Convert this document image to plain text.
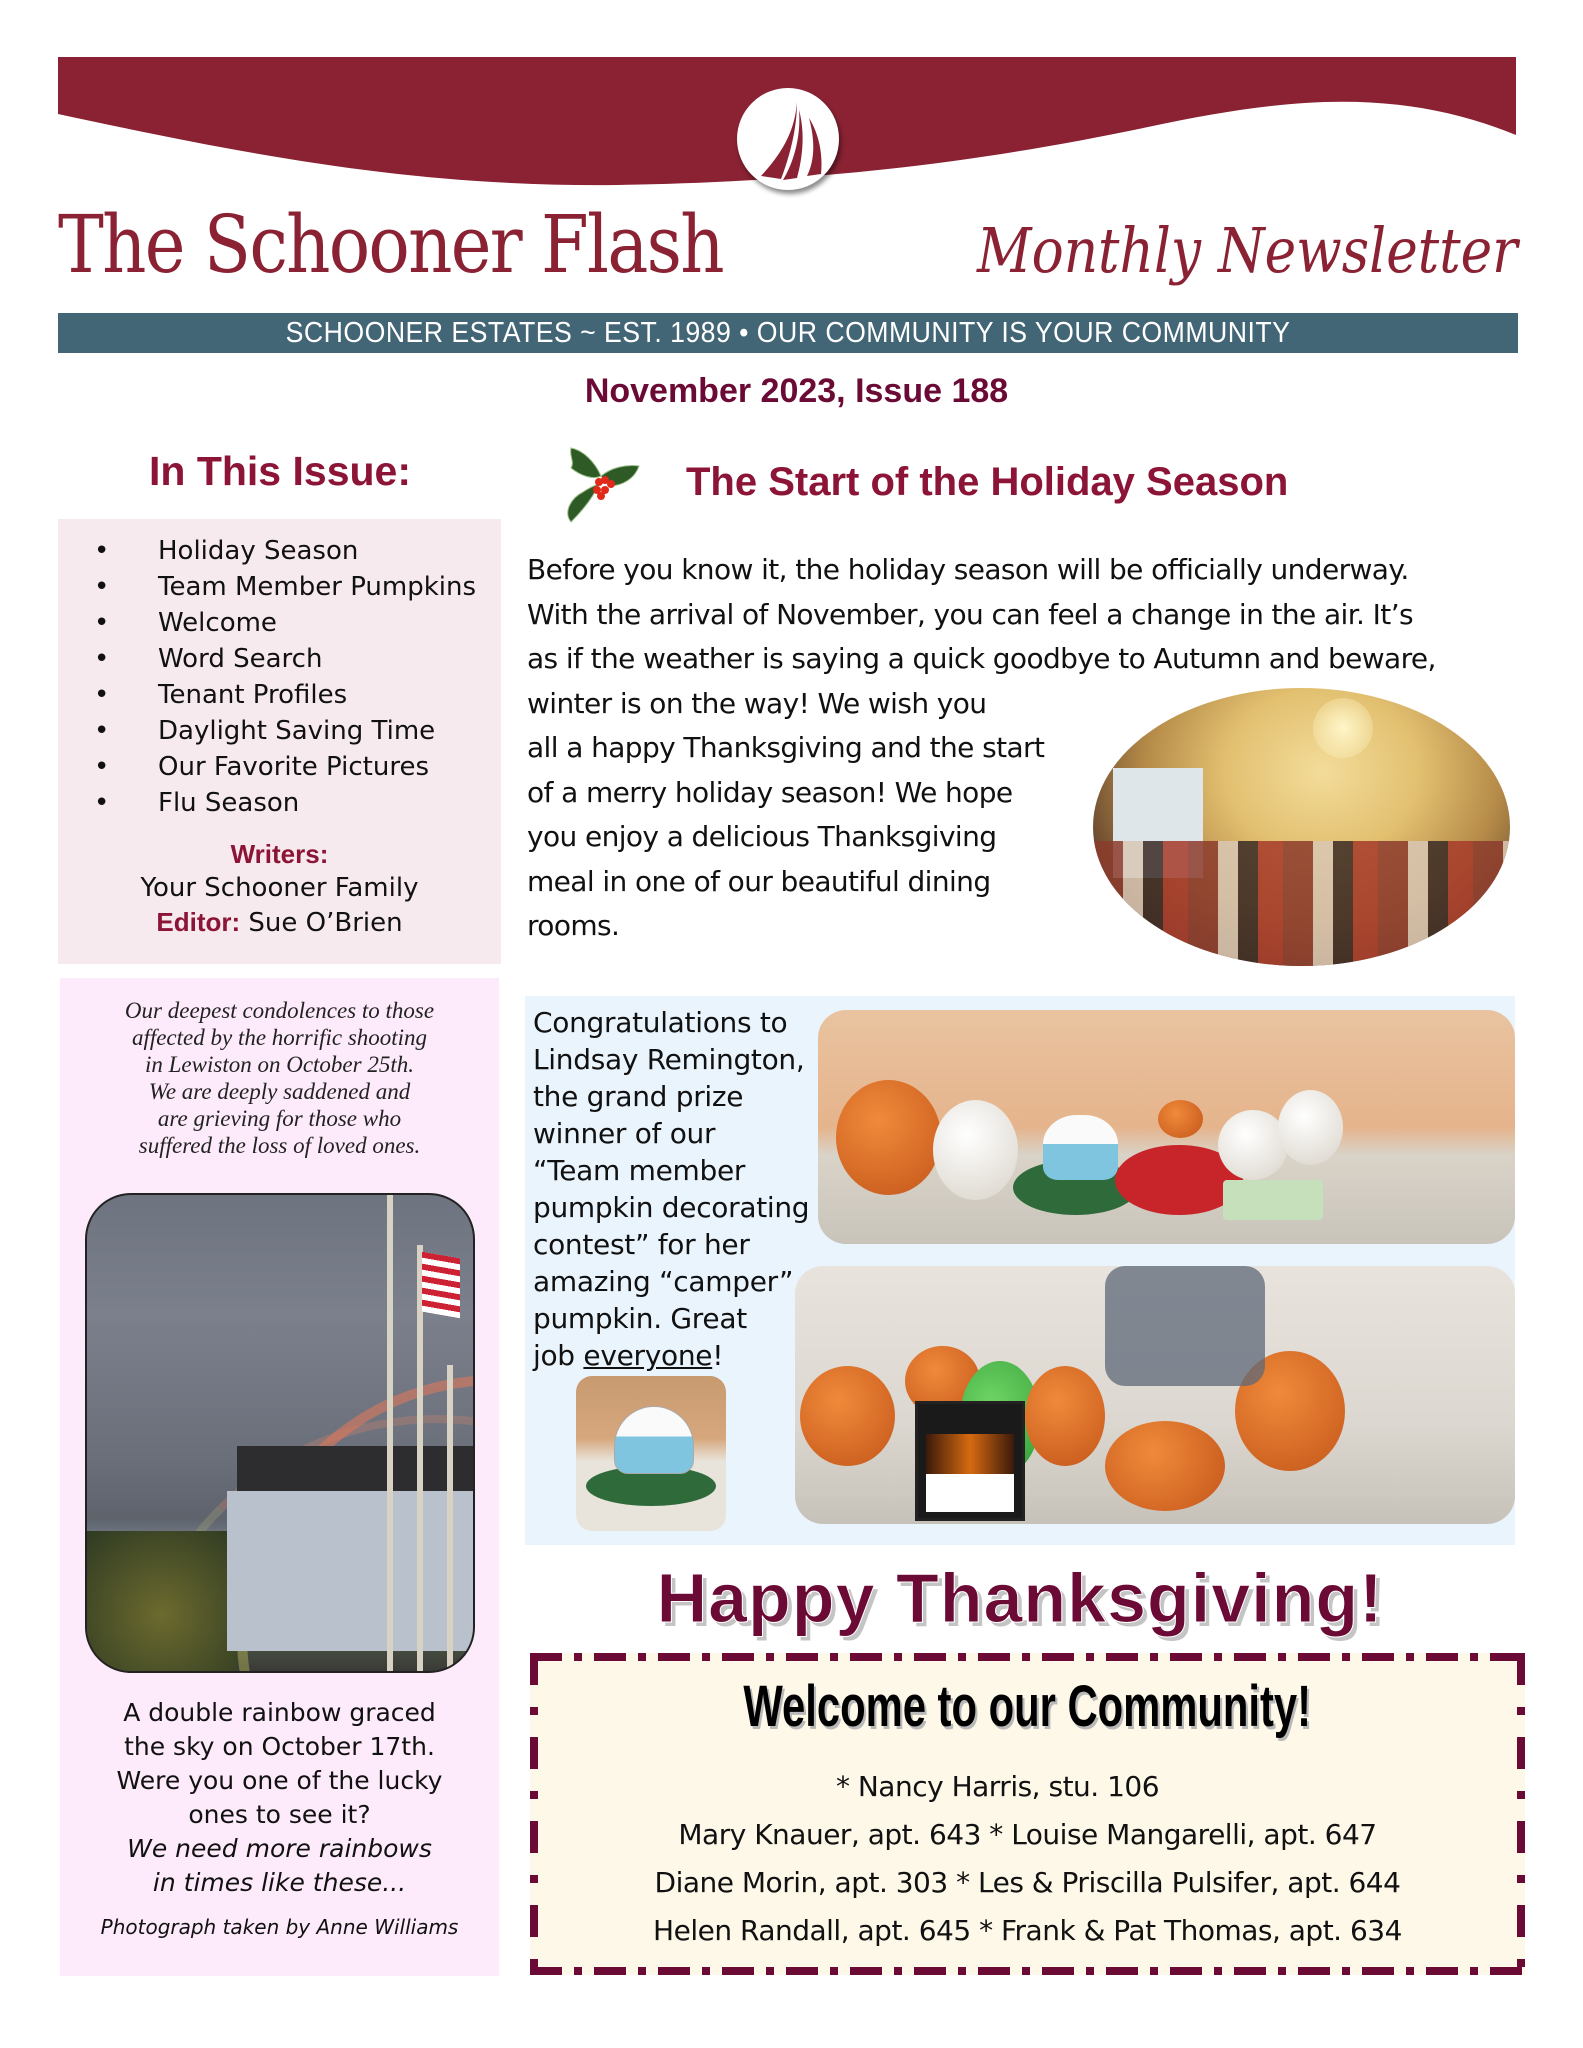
The Schooner Flash	Monthly Newsletter
SCHOONER ESTATES ~ EST. 1989 • OUR COMMUNITY IS YOUR COMMUNITY
November 2023, Issue 188
In This Issue:
• Holiday Season
• Team Member Pumpkins
• Welcome
• Word Search
• Tenant Profiles
• Daylight Saving Time
• Our Favorite Pictures
• Flu Season
Writers:
Your Schooner Family
Editor: Sue O’Brien
Our deepest condolences to those
affected by the horrific shooting
in Lewiston on October 25th.
We are deeply saddened and
are grieving for those who
suffered the loss of loved ones.
A double rainbow graced
the sky on October 17th.
Were you one of the lucky
ones to see it?
We need more rainbows
in times like these...
Photograph taken by Anne Williams
The Start of the Holiday Season
Before you know it, the holiday season will be officially underway.
With the arrival of November, you can feel a change in the air. It’s
as if the weather is saying a quick goodbye to Autumn and beware,
winter is on the way! We wish you
all a happy Thanksgiving and the start
of a merry holiday season! We hope
you enjoy a delicious Thanksgiving
meal in one of our beautiful dining
rooms.
Congratulations to
Lindsay Remington,
the grand prize
winner of our
“Team member
pumpkin decorating
contest” for her
amazing “camper”
pumpkin. Great
job everyone!
Happy Thanksgiving!
Welcome to our Community!
* Nancy Harris, stu. 106
Mary Knauer, apt. 643 * Louise Mangarelli, apt. 647
Diane Morin, apt. 303 * Les & Priscilla Pulsifer, apt. 644
Helen Randall, apt. 645 * Frank & Pat Thomas, apt. 634
